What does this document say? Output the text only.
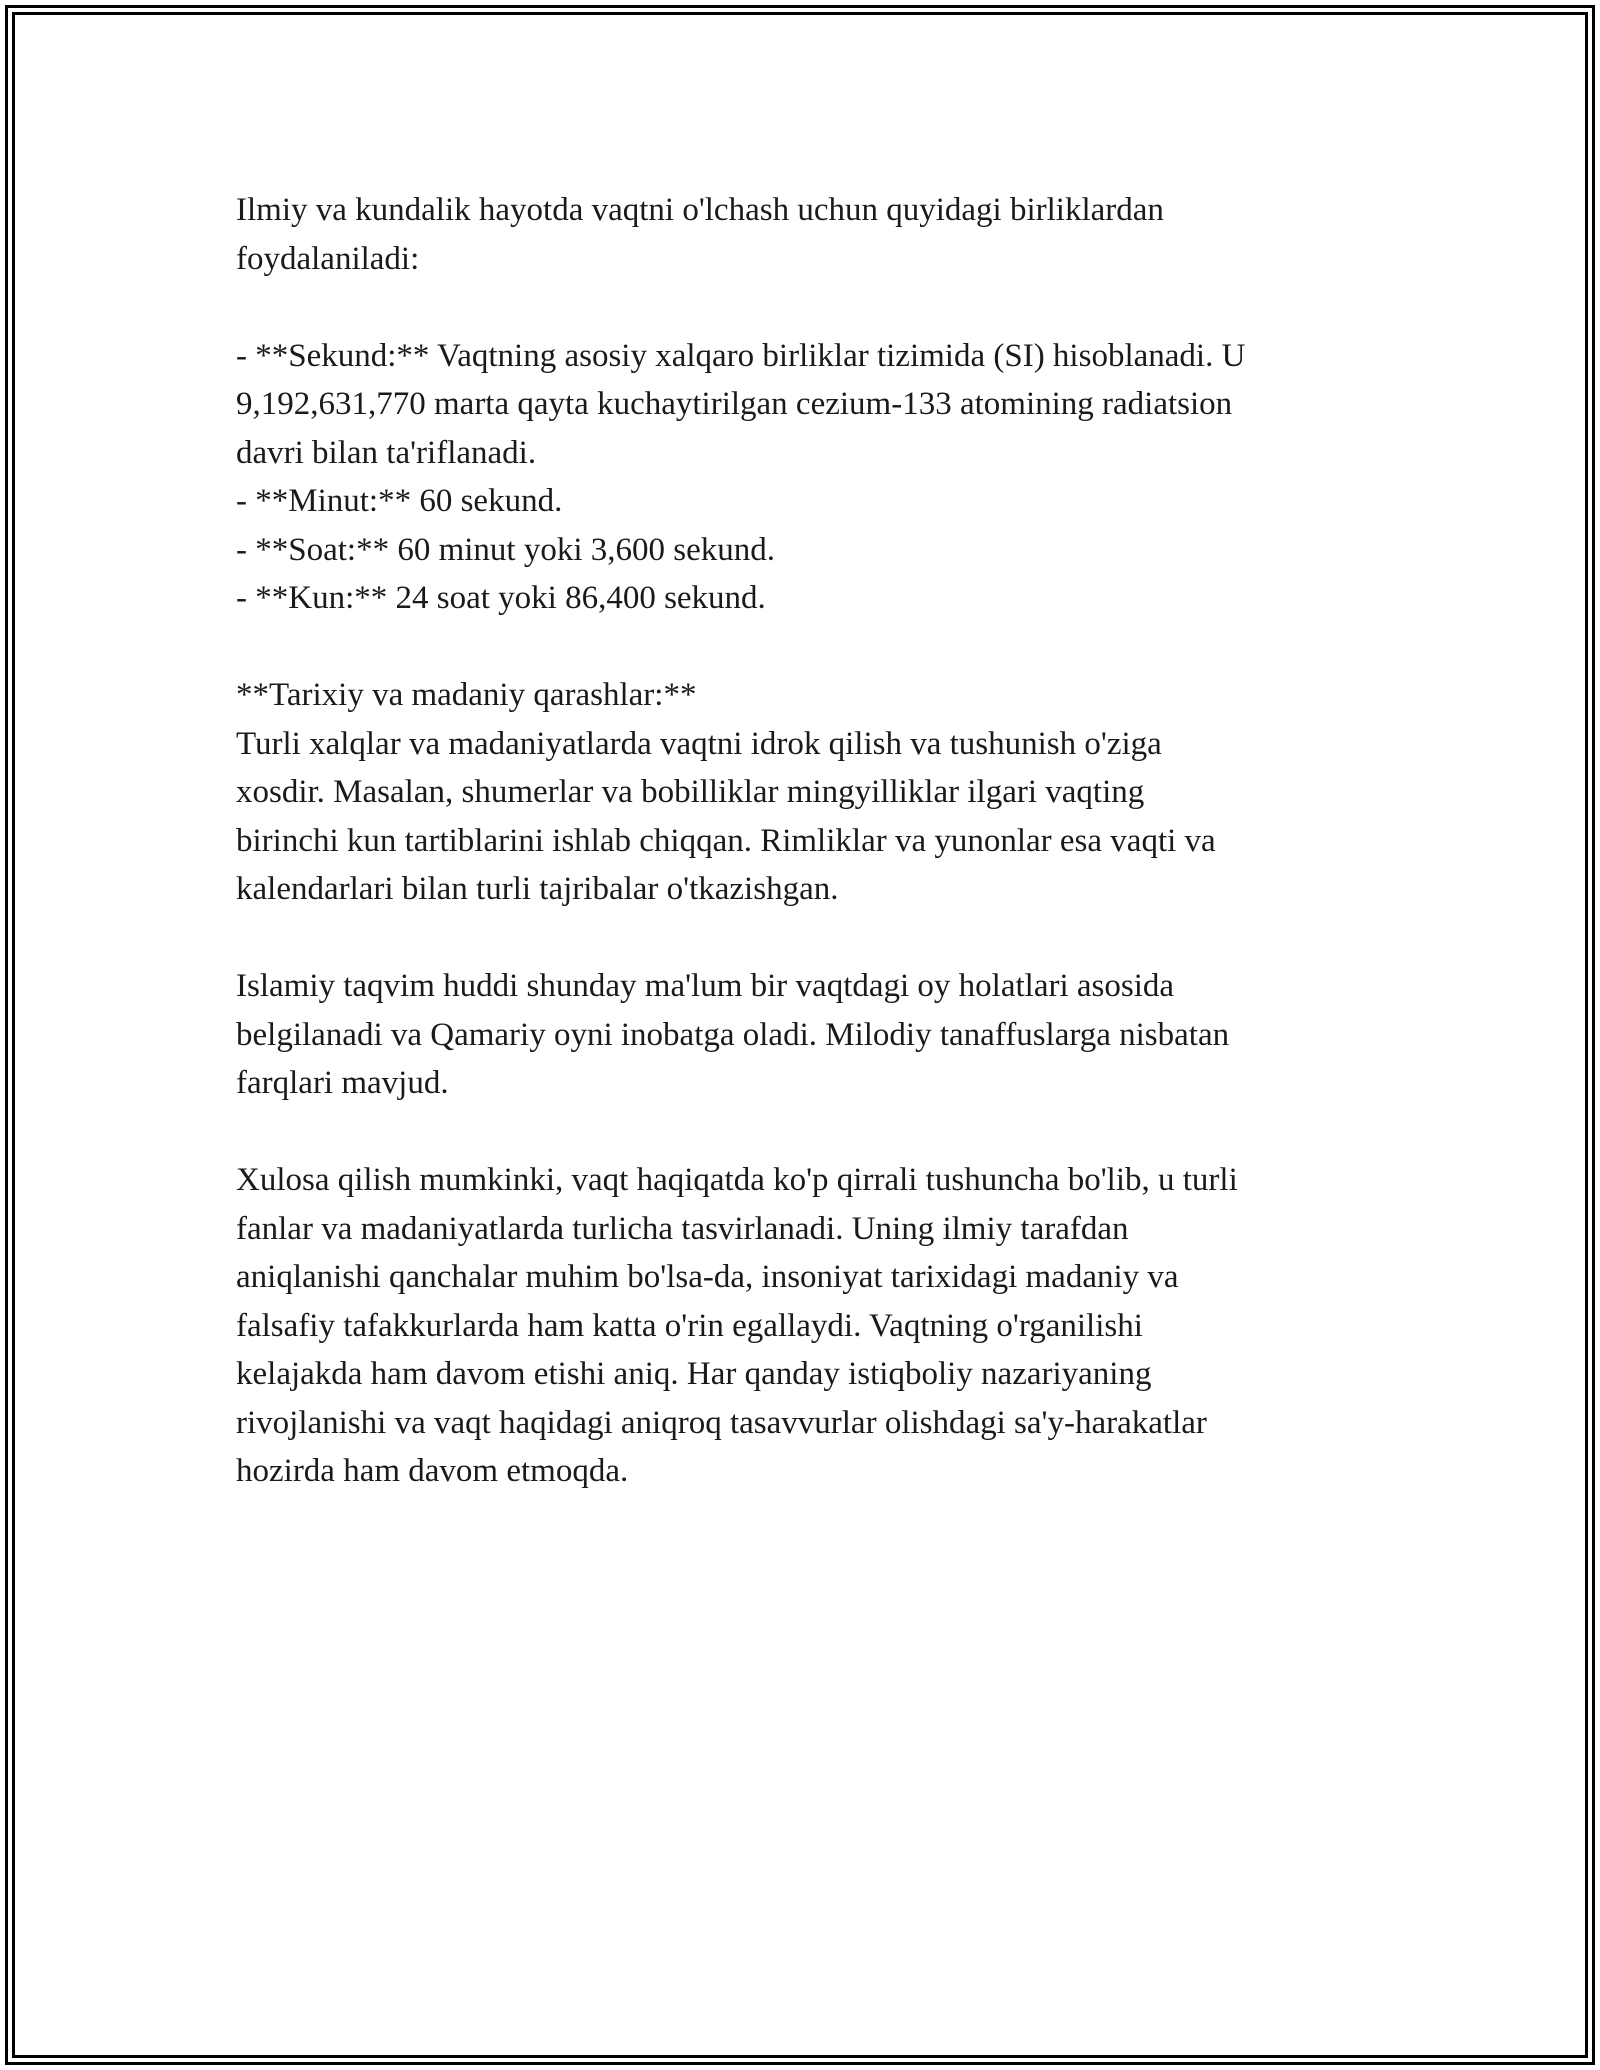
Ilmiy va kundalik hayotda vaqtni o'lchash uchun quyidagi birliklardan
foydalaniladi:

- **Sekund:** Vaqtning asosiy xalqaro birliklar tizimida (SI) hisoblanadi. U
9,192,631,770 marta qayta kuchaytirilgan cezium-133 atomining radiatsion
davri bilan ta'riflanadi.

- **Minut:** 60 sekund.

- **Soat:** 60 minut yoki 3,600 sekund.

- **Kun:** 24 soat yoki 86,400 sekund.

**Tarixiy va madaniy qarashlar:**

Turli xalqlar va madaniyatlarda vaqtni idrok qilish va tushunish o'ziga
xosdir. Masalan, shumerlar va bobilliklar mingyilliklar ilgari vaqting
birinchi kun tartiblarini ishlab chiqqan. Rimliklar va yunonlar esa vaqti va
kalendarlari bilan turli tajribalar o'tkazishgan.

Islamiy taqvim huddi shunday ma'lum bir vaqtdagi oy holatlari asosida
belgilanadi va Qamariy oyni inobatga oladi. Milodiy tanaffuslarga nisbatan
farqlari mavjud.

Xulosa qilish mumkinki, vaqt haqiqatda ko'p qirrali tushuncha bo'lib, u turli
fanlar va madaniyatlarda turlicha tasvirlanadi. Uning ilmiy tarafdan
aniqlanishi qanchalar muhim bo'lsa-da, insoniyat tarixidagi madaniy va
falsafiy tafakkurlarda ham katta o'rin egallaydi. Vaqtning o'rganilishi
kelajakda ham davom etishi aniq. Har qanday istiqboliy nazariyaning
rivojlanishi va vaqt haqidagi aniqroq tasavvurlar olishdagi sa'y-harakatlar
hozirda ham davom etmoqda.
